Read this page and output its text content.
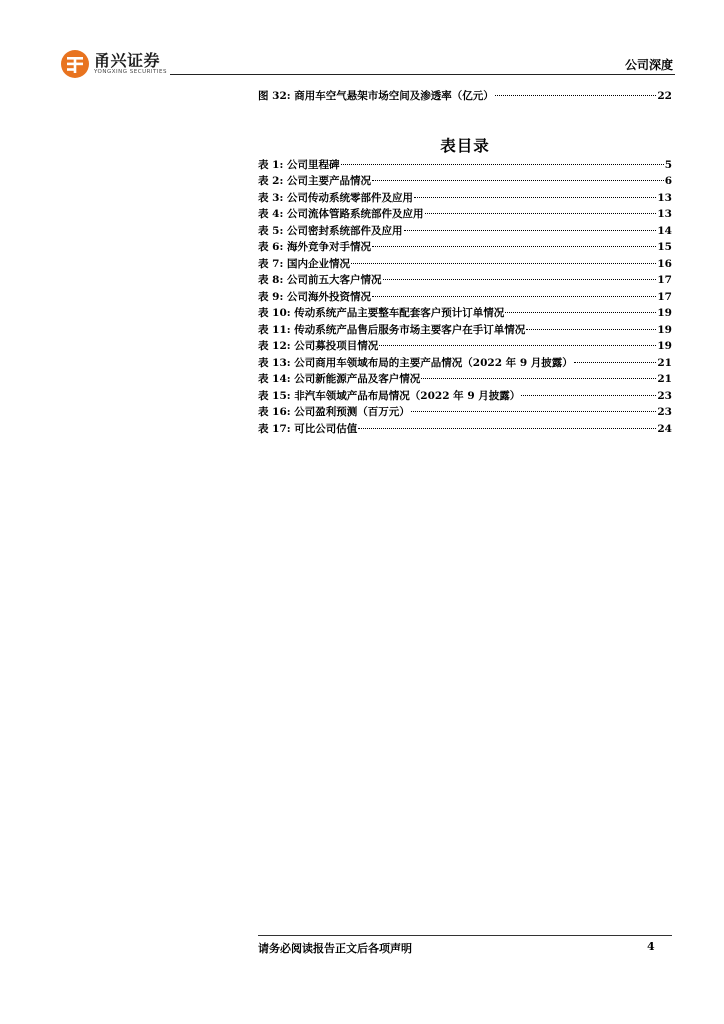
甬兴证券
YONGXING SECURITIES	公司深度
图 32: 商用车空气悬架市场空间及渗透率（亿元）	22
表目录
表 1: 公司里程碑	5
表 2: 公司主要产品情况	6
表 3: 公司传动系统零部件及应用	13
表 4: 公司流体管路系统部件及应用	13
表 5: 公司密封系统部件及应用	14
表 6: 海外竞争对手情况	15
表 7: 国内企业情况	16
表 8: 公司前五大客户情况	17
表 9: 公司海外投资情况	17
表 10: 传动系统产品主要整车配套客户预计订单情况	19
表 11: 传动系统产品售后服务市场主要客户在手订单情况	19
表 12: 公司募投项目情况	19
表 13: 公司商用车领域布局的主要产品情况（2022 年 9 月披露）	21
表 14: 公司新能源产品及客户情况	21
表 15: 非汽车领域产品布局情况（2022 年 9 月披露）	23
表 16: 公司盈利预测（百万元）	23
表 17: 可比公司估值	24
请务必阅读报告正文后各项声明	4
